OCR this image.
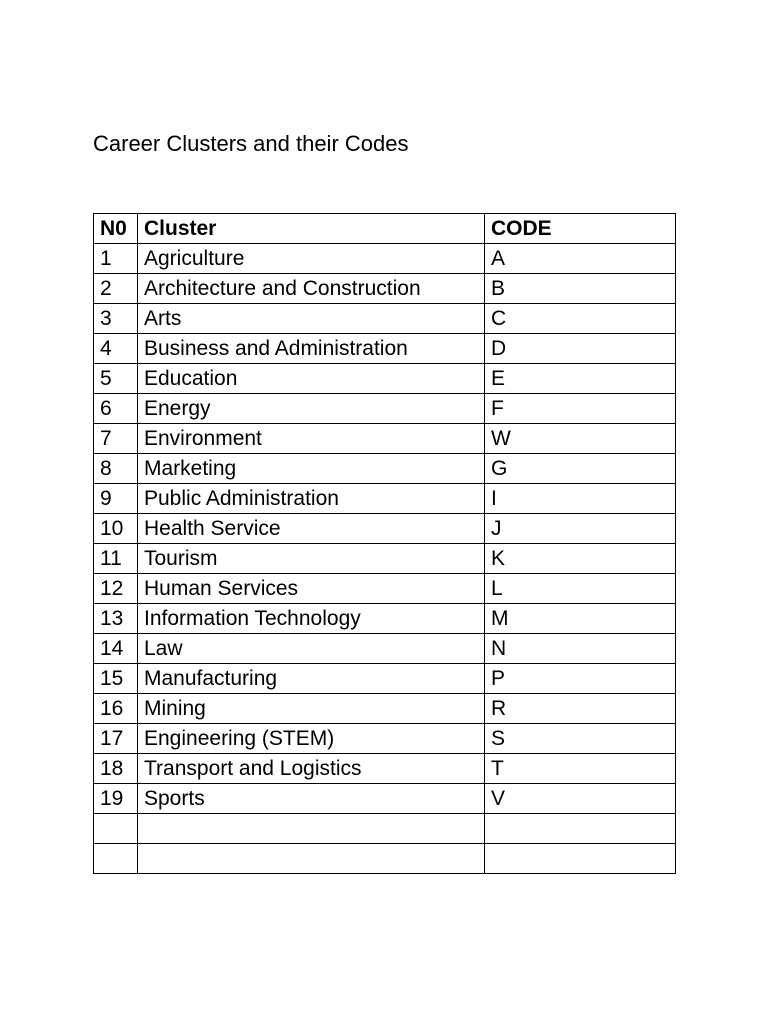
Career Clusters and their Codes
N0	Cluster	CODE
1	Agriculture	A
2	Architecture and Construction	B
3	Arts	C
4	Business and Administration	D
5	Education	E
6	Energy	F
7	Environment	W
8	Marketing	G
9	Public Administration	I
10	Health Service	J
11	Tourism	K
12	Human Services	L
13	Information Technology	M
14	Law	N
15	Manufacturing	P
16	Mining	R
17	Engineering (STEM)	S
18	Transport and Logistics	T
19	Sports	V
